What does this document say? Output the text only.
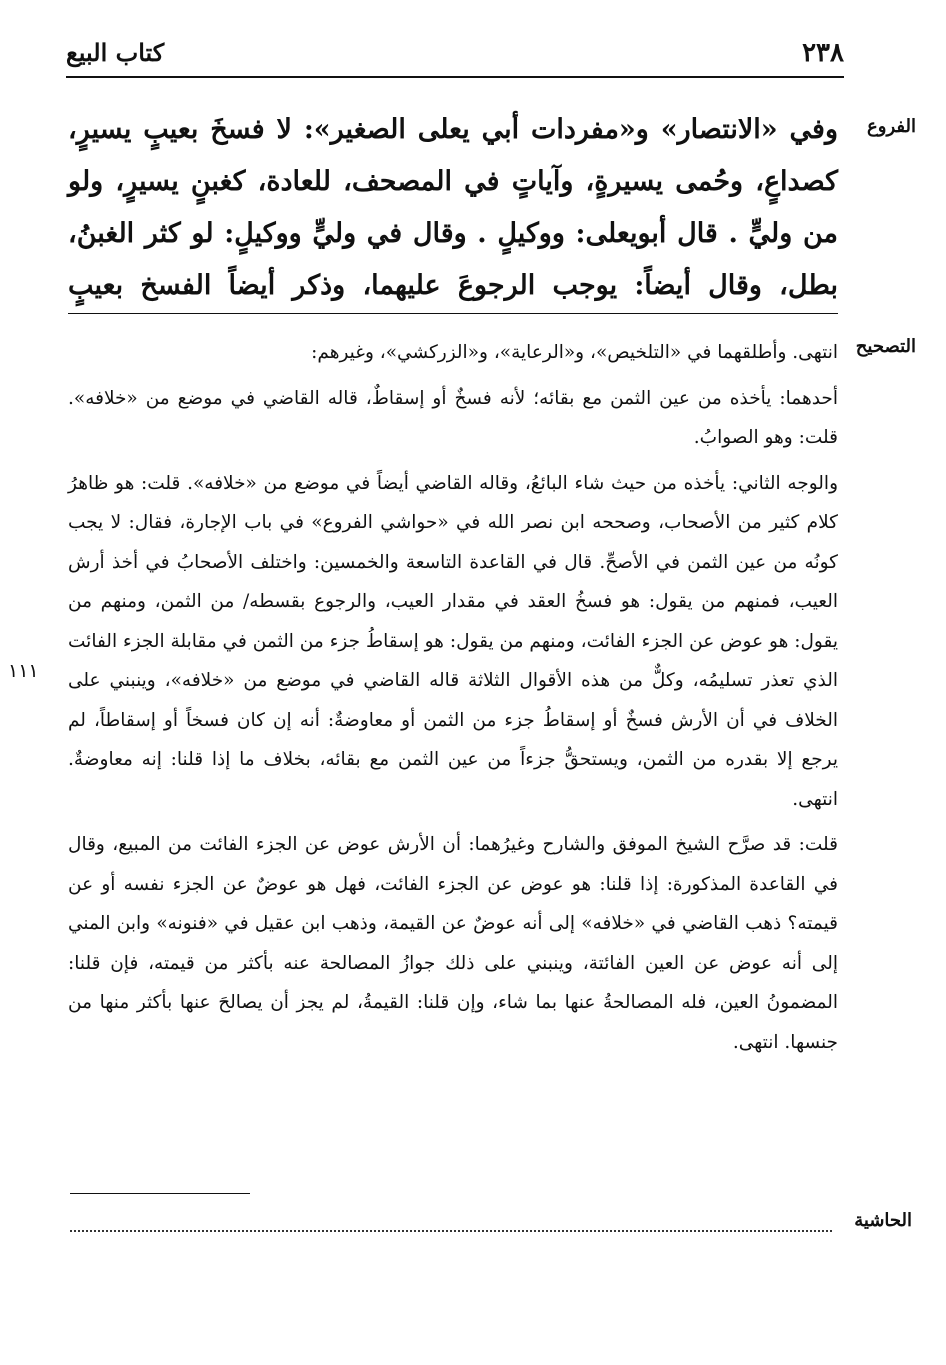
٢٣٨
كتاب البيع
الفروع

وفي «الانتصار» و«مفردات أبي يعلى الصغير»: لا فسخَ بعيبٍ يسيرٍ، كصداعٍ، وحُمى يسيرةٍ، وآياتٍ في المصحف، للعادة، كغبنٍ يسيرٍ، ولو من وليٍّ . قال أبويعلى: ووكيلٍ . وقال في وليٍّ ووكيلٍ: لو كثر الغبنُ، بطل، وقال أيضاً: يوجب الرجوعَ عليهما، وذكر أيضاً الفسخ بعيبٍ

التصحيح

انتهى. وأطلقهما في «التلخيص»، و«الرعاية»، و«الزركشي»، وغيرهم:

أحدهما: يأخذه من عين الثمن مع بقائه؛ لأنه فسخٌ أو إسقاطٌ، قاله القاضي في موضع من «خلافه». قلت: وهو الصوابُ.

والوجه الثاني: يأخذه من حيث شاء البائعُ، وقاله القاضي أيضاً في موضع من «خلافه». قلت: هو ظاهرُ كلام كثير من الأصحاب، وصححه ابن نصر الله في «حواشي الفروع» في باب الإجارة، فقال: لا يجب كونُه من عين الثمن في الأصحِّ. قال في القاعدة التاسعة والخمسين: واختلف الأصحابُ في أخذ أرش العيب، فمنهم من يقول: هو فسخُ العقد في مقدار العيب، والرجوع بقسطه/ من الثمن، ومنهم من يقول: هو عوض عن الجزء الفائت، ومنهم من يقول: هو إسقاطُ جزء من الثمن في مقابلة الجزء الفائت الذي تعذر تسليمُه، وكلٌّ من هذه الأقوال الثلاثة قاله القاضي في موضع من «خلافه»، وينبني على الخلاف في أن الأرش فسخٌ أو إسقاطُ جزء من الثمن أو معاوضةٌ: أنه إن كان فسخاً أو إسقاطاً، لم يرجع إلا بقدره من الثمن، ويستحقُّ جزءاً من عين الثمن مع بقائه، بخلاف ما إذا قلنا: إنه معاوضةٌ. انتهى.

قلت: قد صرَّح الشيخ الموفق والشارح وغيرُهما: أن الأرش عوض عن الجزء الفائت من المبيع، وقال في القاعدة المذكورة: إذا قلنا: هو عوض عن الجزء الفائت، فهل هو عوضٌ عن الجزء نفسه أو عن قيمته؟ ذهب القاضي في «خلافه» إلى أنه عوضٌ عن القيمة، وذهب ابن عقيل في «فنونه» وابن المني إلى أنه عوض عن العين الفائتة، وينبني على ذلك جوازُ المصالحة عنه بأكثر من قيمته، فإن قلنا: المضمونُ العين، فله المصالحةُ عنها بما شاء، وإن قلنا: القيمةُ، لم يجز أن يصالحَ عنها بأكثر منها من جنسها. انتهى.

١١١
الحاشية
